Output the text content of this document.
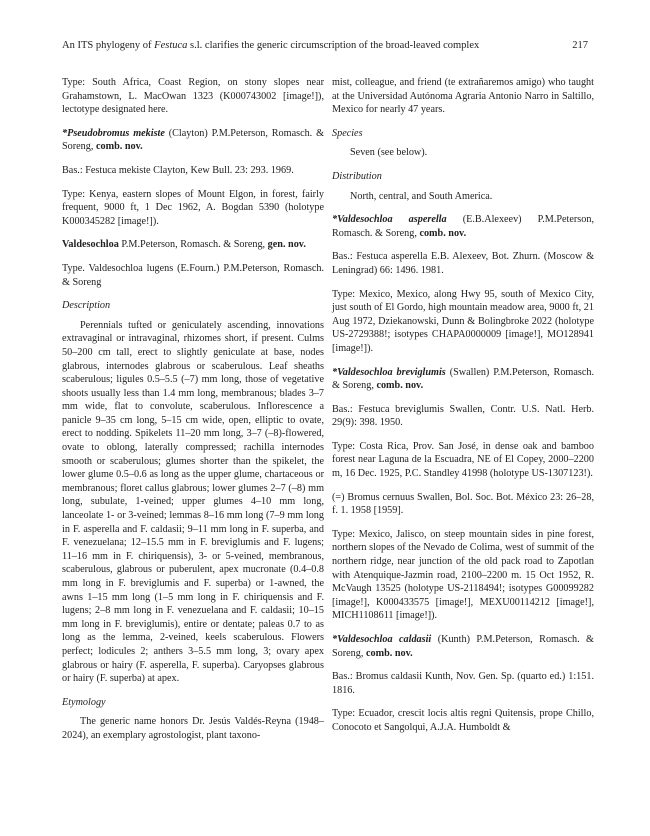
An ITS phylogeny of Festuca s.l. clarifies the generic circumscription of the broad-leaved complex	217

Type: South Africa, Coast Region, on stony slopes near Grahamstown, L. MacOwan 1323 (K000743002 [image!]), lectotype designated here.

*Pseudobromus mekiste (Clayton) P.M.Peterson, Romasch. & Soreng, comb. nov.

Bas.: Festuca mekiste Clayton, Kew Bull. 23: 293. 1969.

Type: Kenya, eastern slopes of Mount Elgon, in forest, fairly frequent, 9000 ft, 1 Dec 1962, A. Bogdan 5390 (holotype K000345282 [image!]).

Valdesochloa P.M.Peterson, Romasch. & Soreng, gen. nov.

Type. Valdesochloa lugens (E.Fourn.) P.M.Peterson, Romasch. & Soreng

Description

Perennials tufted or geniculately ascending, innovations extravaginal or intravaginal, rhizomes short, if present. Culms 50–200 cm tall, erect to slightly geniculate at base, nodes glabrous, internodes glabrous or scaberulous. Leaf sheaths scaberulous; ligules 0.5–5.5 (–7) mm long, those of vegetative shoots usually less than 1.4 mm long, membranous; blades 3–7 mm wide, flat to convolute, scaberulous. Inflorescence a panicle 9–35 cm long, 5–15 cm wide, open, elliptic to ovate, erect to nodding. Spikelets 11–20 mm long, 3–7 (–8)-flowered, ovate to oblong, laterally compressed; rachilla internodes smooth or scaberulous; glumes shorter than the spikelet, the lower glume 0.5–0.6 as long as the upper glume, chartaceous or membranous; floret callus glabrous; lower glumes 2–7 (–8) mm long, subulate, 1-veined; upper glumes 4–10 mm long, lanceolate 1- or 3-veined; lemmas 8–16 mm long (7–9 mm long in F. asperella and F. caldasii; 9–11 mm long in F. superba, and F. venezuelana; 12–15.5 mm in F. breviglumis and F. lugens; 11–16 mm in F. chiriquensis), 3- or 5-veined, membranous, scaberulous, glabrous or puberulent, apex mucronate (0.4–0.8 mm long in F. breviglumis and F. superba) or 1-awned, the awns 1–15 mm long (1–5 mm long in F. chiriquensis and F. lugens; 2–8 mm long in F. venezuelana and F. caldasii; 10–15 mm long in F. breviglumis), entire or dentate; paleas 0.7 to as long as the lemma, 2-veined, keels scaberulous. Flowers perfect; lodicules 2; anthers 3–5.5 mm long, 3; ovary apex glabrous or hairy (F. asperella, F. superba). Caryopses glabrous or hairy (F. superba) at apex.

Etymology

The generic name honors Dr. Jesús Valdés-Reyna (1948–2024), an exemplary agrostologist, plant taxono-

mist, colleague, and friend (te extrañaremos amigo) who taught at the Universidad Autónoma Agraria Antonio Narro in Saltillo, Mexico for nearly 47 years.

Species

Seven (see below).

Distribution

North, central, and South America.

*Valdesochloa asperella (E.B.Alexeev) P.M.Peterson, Romasch. & Soreng, comb. nov.

Bas.: Festuca asperella E.B. Alexeev, Bot. Zhurn. (Moscow & Leningrad) 66: 1496. 1981.

Type: Mexico, Mexico, along Hwy 95, south of Mexico City, just south of El Gordo, high mountain meadow area, 9000 ft, 21 Aug 1972, Dziekanowski, Dunn & Bolingbroke 2022 (holotype US-2729388!; isotypes CHAPA0000009 [image!], MO128941 [image!]).

*Valdesochloa breviglumis (Swallen) P.M.Peterson, Romasch. & Soreng, comb. nov.

Bas.: Festuca breviglumis Swallen, Contr. U.S. Natl. Herb. 29(9): 398. 1950.

Type: Costa Rica, Prov. San José, in dense oak and bamboo forest near Laguna de la Escuadra, NE of El Copey, 2000–2200 m, 16 Dec. 1925, P.C. Standley 41998 (holotype US-1307123!).

(=) Bromus cernuus Swallen, Bol. Soc. Bot. México 23: 26–28, f. 1. 1958 [1959].

Type: Mexico, Jalisco, on steep mountain sides in pine forest, northern slopes of the Nevado de Colima, west of summit of the northern ridge, near junction of the old pack road to Zapotlan with Atenquique-Jazmin road, 2100–2200 m. 15 Oct 1952, R. McVaugh 13525 (holotype US-2118494!; isotypes G00099282 [image!], K000433575 [image!], MEXU00114212 [image!], MICH1108611 [image!]).

*Valdesochloa caldasii (Kunth) P.M.Peterson, Romasch. & Soreng, comb. nov.

Bas.: Bromus caldasii Kunth, Nov. Gen. Sp. (quarto ed.) 1:151. 1816.

Type: Ecuador, crescit locis altis regni Quitensis, prope Chillo, Conocoto et Sangolqui, A.J.A. Humboldt &
